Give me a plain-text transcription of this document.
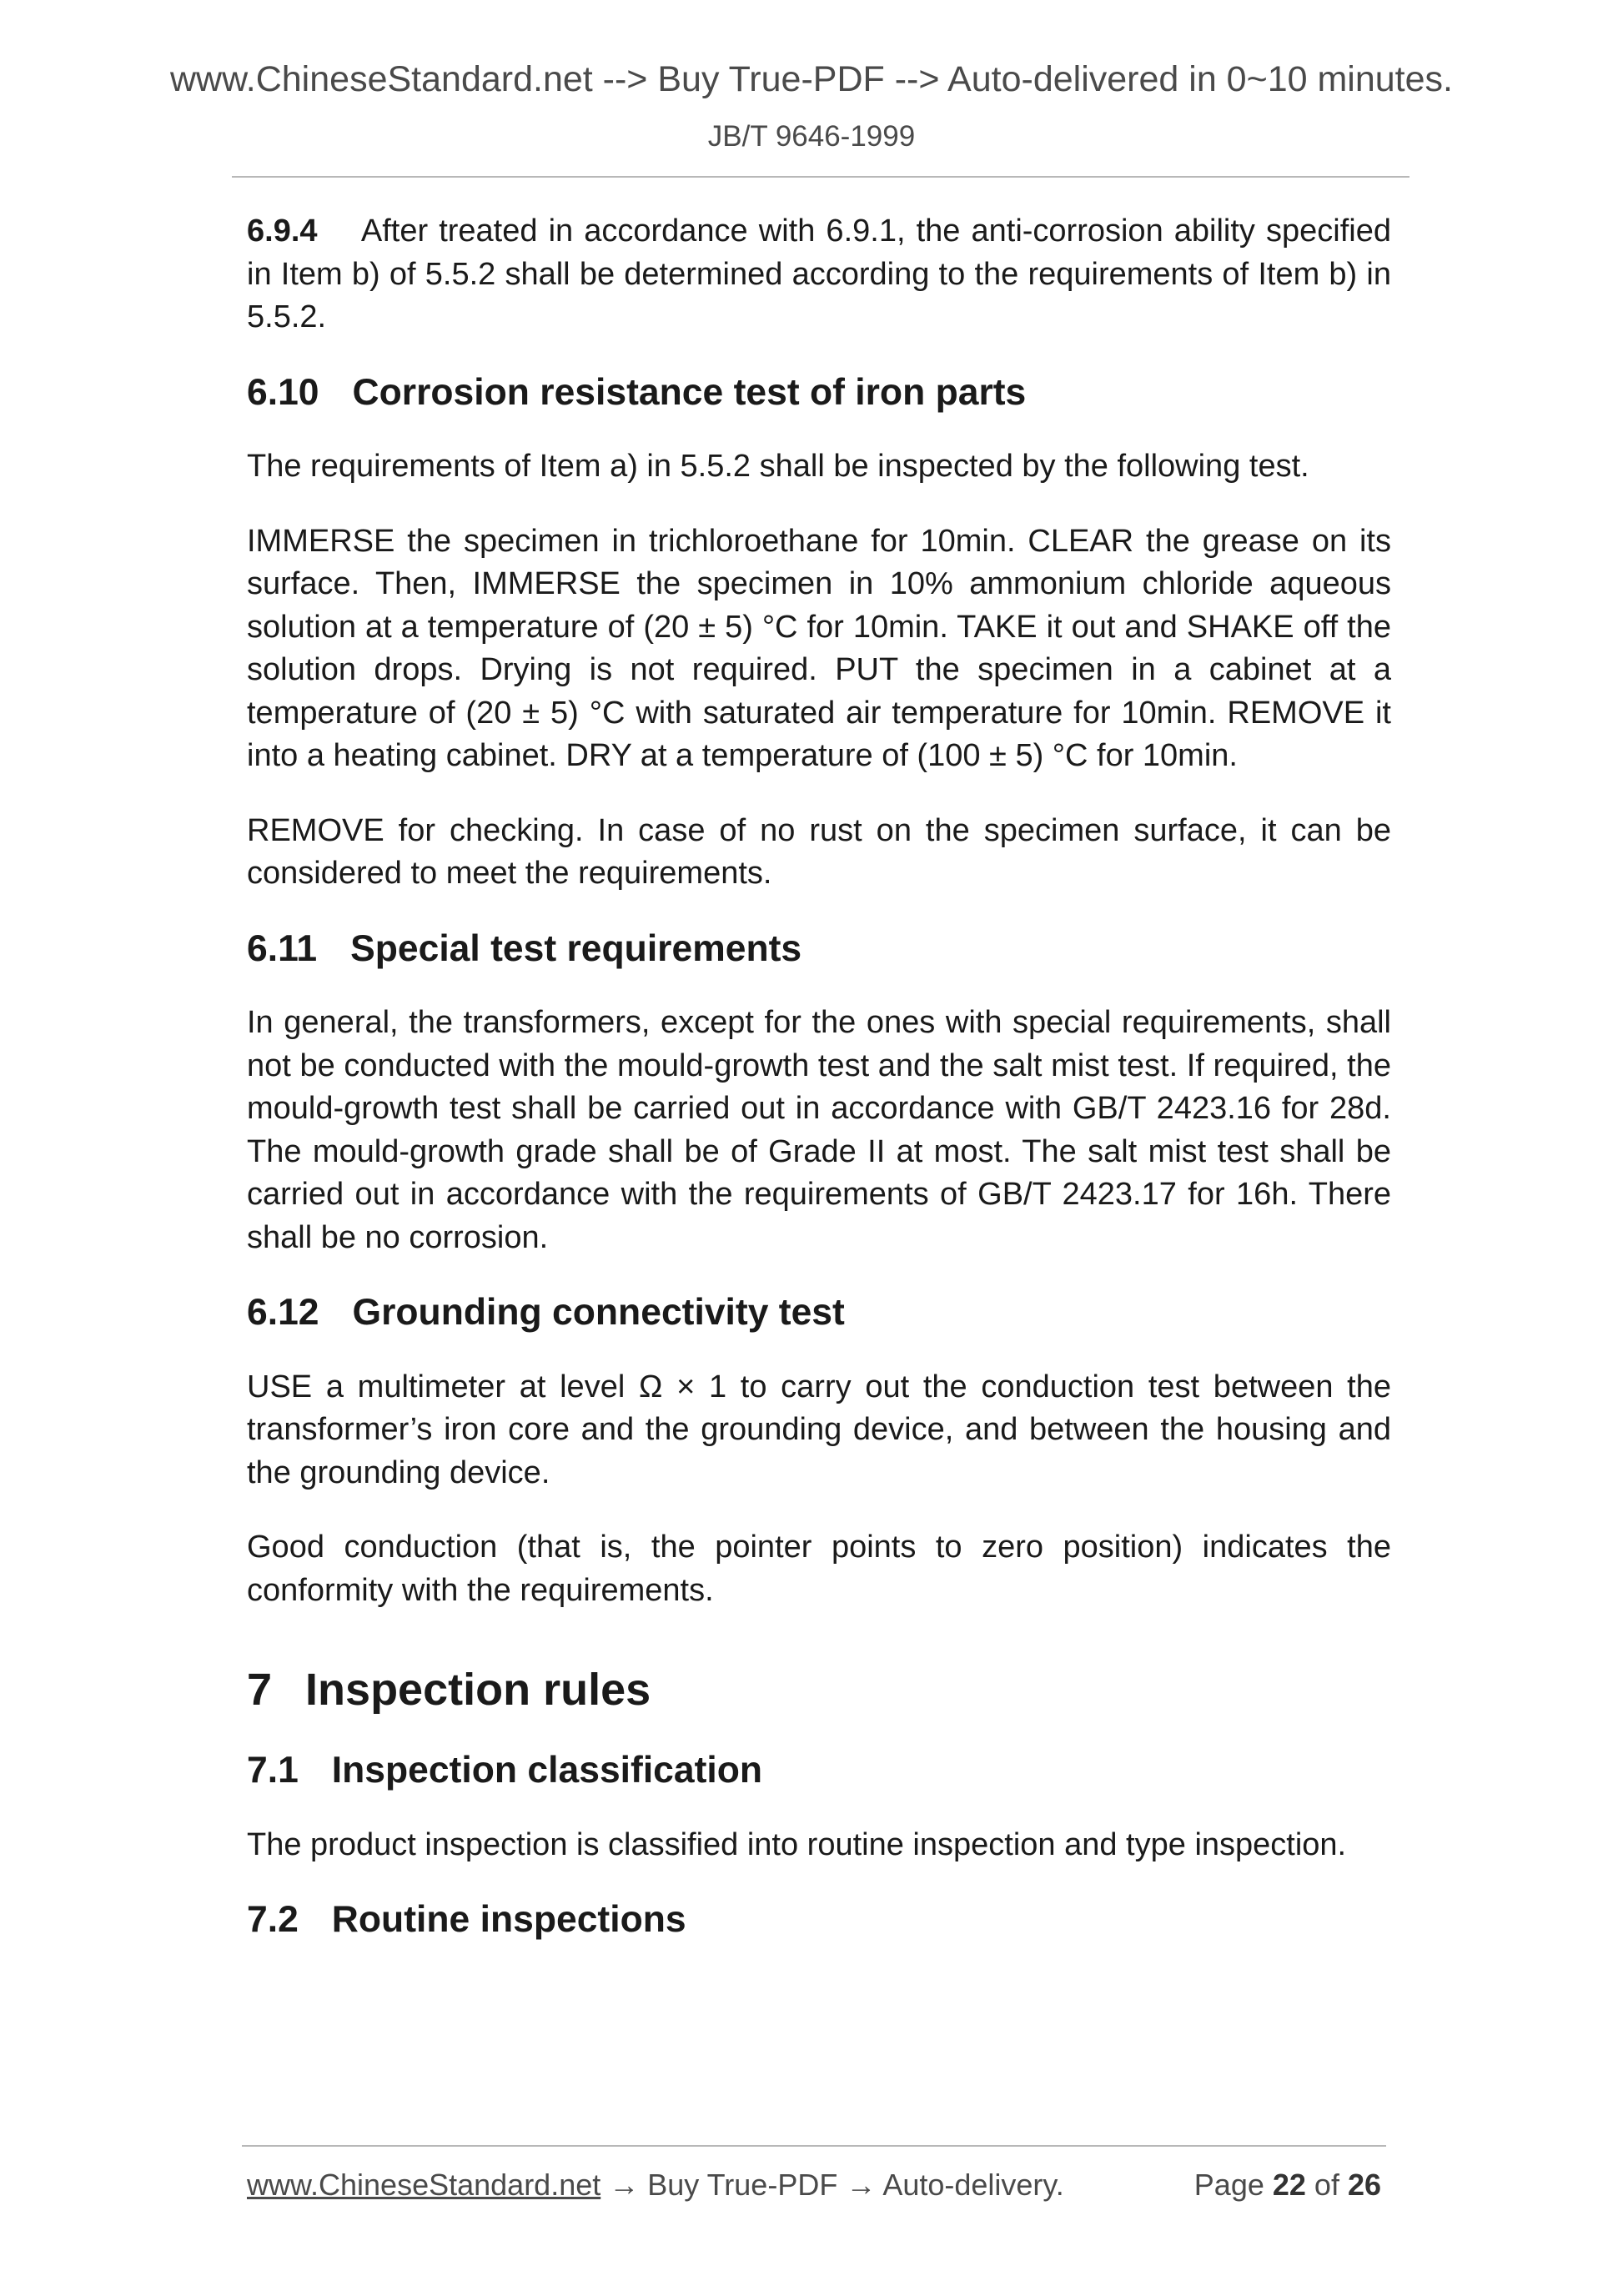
www.ChineseStandard.net --> Buy True-PDF --> Auto-delivered in 0~10 minutes.
JB/T 9646-1999

6.9.4 After treated in accordance with 6.9.1, the anti-corrosion ability specified in Item b) of 5.5.2 shall be determined according to the requirements of Item b) in 5.5.2.

6.10 Corrosion resistance test of iron parts

The requirements of Item a) in 5.5.2 shall be inspected by the following test.

IMMERSE the specimen in trichloroethane for 10min. CLEAR the grease on its surface. Then, IMMERSE the specimen in 10% ammonium chloride aqueous solution at a temperature of (20 ± 5) °C for 10min. TAKE it out and SHAKE off the solution drops. Drying is not required. PUT the specimen in a cabinet at a temperature of (20 ± 5) °C with saturated air temperature for 10min. REMOVE it into a heating cabinet. DRY at a temperature of (100 ± 5) °C for 10min.

REMOVE for checking. In case of no rust on the specimen surface, it can be considered to meet the requirements.

6.11 Special test requirements

In general, the transformers, except for the ones with special requirements, shall not be conducted with the mould-growth test and the salt mist test. If required, the mould-growth test shall be carried out in accordance with GB/T 2423.16 for 28d. The mould-growth grade shall be of Grade II at most. The salt mist test shall be carried out in accordance with the requirements of GB/T 2423.17 for 16h. There shall be no corrosion.

6.12 Grounding connectivity test

USE a multimeter at level Ω × 1 to carry out the conduction test between the transformer’s iron core and the grounding device, and between the housing and the grounding device.

Good conduction (that is, the pointer points to zero position) indicates the conformity with the requirements.

7 Inspection rules
7.1 Inspection classification

The product inspection is classified into routine inspection and type inspection.

7.2 Routine inspections
www.ChineseStandard.net → Buy True-PDF → Auto-delivery.	Page 22 of 26
